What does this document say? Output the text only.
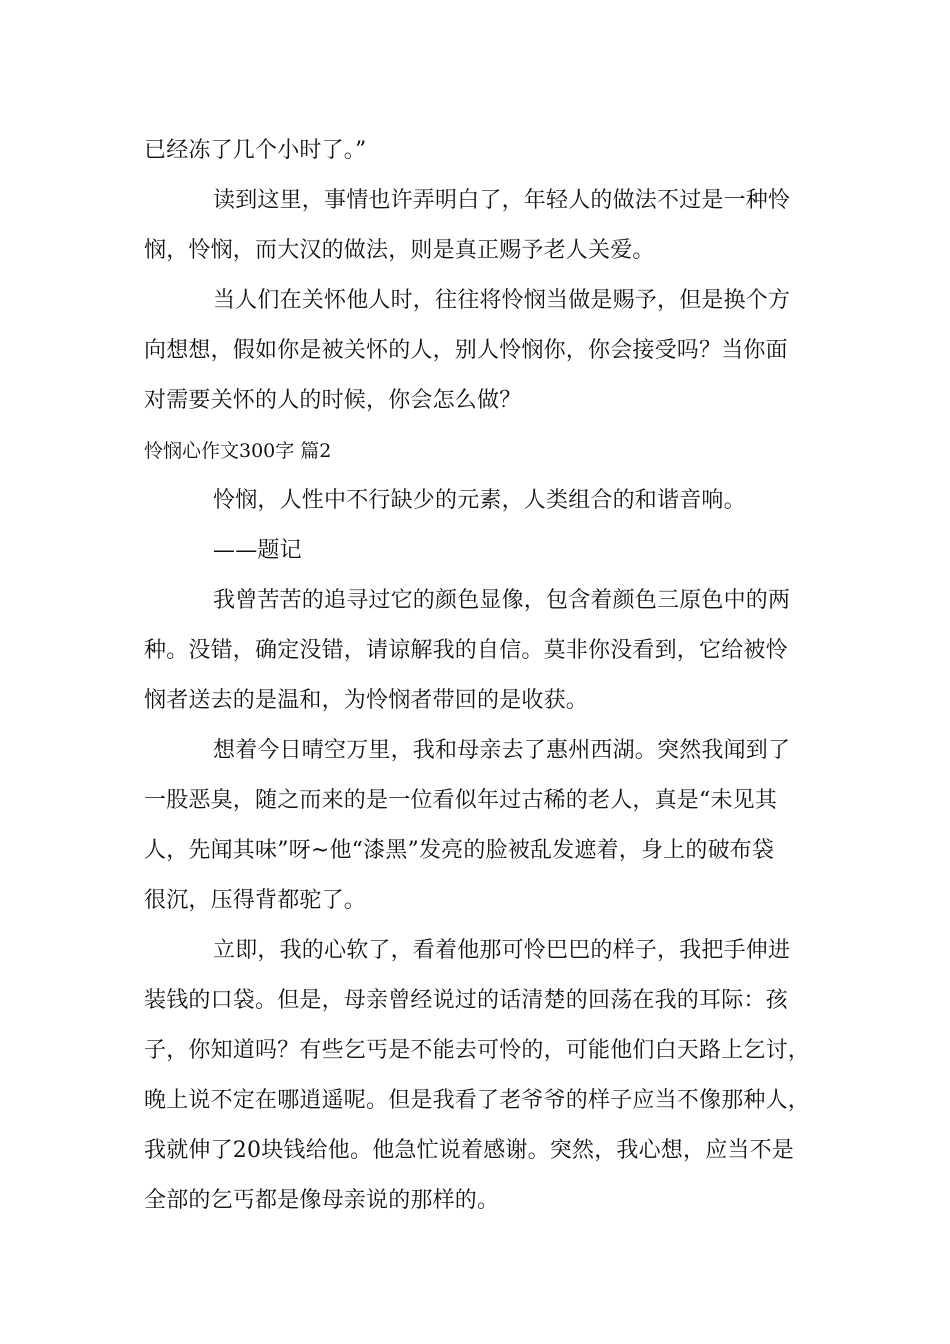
已经冻了几个小时了。”
读到这里，事情也许弄明白了，年轻人的做法不过是一种怜
悯，怜悯，而大汉的做法，则是真正赐予老人关爱。
当人们在关怀他人时，往往将怜悯当做是赐予，但是换个方
向想想，假如你是被关怀的人，别人怜悯你，你会接受吗？当你面
对需要关怀的人的时候，你会怎么做？
怜悯心作文300字 篇2
怜悯，人性中不行缺少的元素，人类组合的和谐音响。
——题记
我曾苦苦的追寻过它的颜色显像，包含着颜色三原色中的两
种。没错，确定没错，请谅解我的自信。莫非你没看到，它给被怜
悯者送去的是温和，为怜悯者带回的是收获。
想着今日晴空万里，我和母亲去了惠州西湖。突然我闻到了
一股恶臭，随之而来的是一位看似年过古稀的老人，真是“未见其
人，先闻其味”呀~他“漆黑”发亮的脸被乱发遮着，身上的破布袋
很沉，压得背都驼了。
立即，我的心软了，看着他那可怜巴巴的样子，我把手伸进
装钱的口袋。但是，母亲曾经说过的话清楚的回荡在我的耳际：孩
子，你知道吗？有些乞丐是不能去可怜的，可能他们白天路上乞讨，
晚上说不定在哪逍遥呢。但是我看了老爷爷的样子应当不像那种人，
我就伸了20块钱给他。他急忙说着感谢。突然，我心想，应当不是
全部的乞丐都是像母亲说的那样的。
